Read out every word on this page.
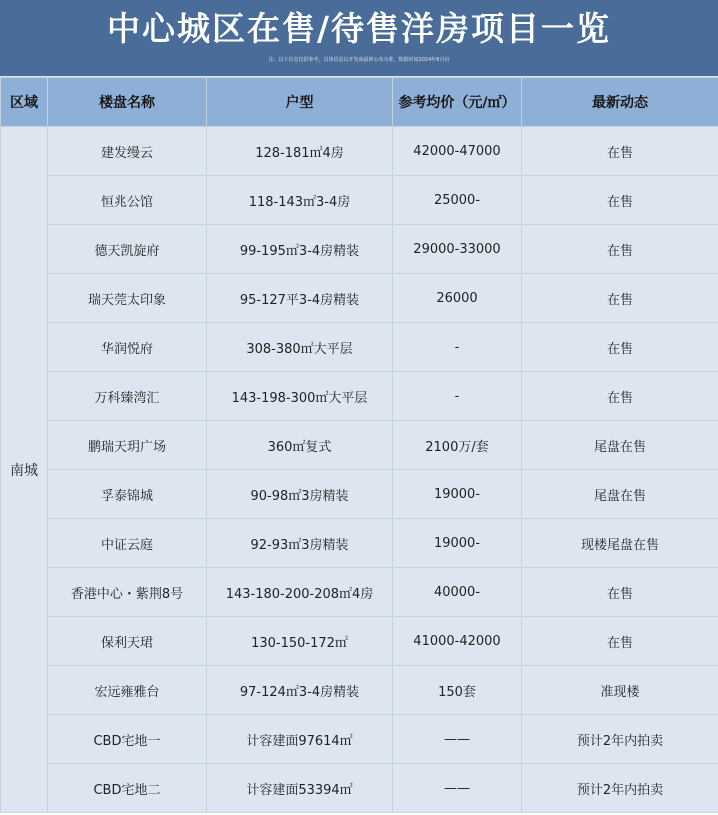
中心城区在售/待售洋房项目一览
注：以下信息仅供参考，具体信息以开发商最新公布为准，数据时间2024年8月份
区域	楼盘名称	户型	参考均价（元/㎡）	最新动态
南城	建发缦云	128-181㎡4房	42000-47000	在售
	恒兆公馆	118-143㎡3-4房	25000-	在售
	德天凯旋府	99-195㎡3-4房精装	29000-33000	在售
	瑞天莞太印象	95-127平3-4房精装	26000	在售
	华润悦府	308-380㎡大平层	-	在售
	万科臻湾汇	143-198-300㎡大平层	-	在售
	鹏瑞天玥广场	360㎡复式	2100万/套	尾盘在售
	孚泰锦城	90-98㎡3房精装	19000-	尾盘在售
	中证云庭	92-93㎡3房精装	19000-	现楼尾盘在售
	香港中心・紫荆8号	143-180-200-208㎡4房	40000-	在售
	保利天珺	130-150-172㎡	41000-42000	在售
	宏远雍雅台	97-124㎡3-4房精装	150套	准现楼
	CBD宅地一	计容建面97614㎡	——	预计2年内拍卖
	CBD宅地二	计容建面53394㎡	——	预计2年内拍卖
